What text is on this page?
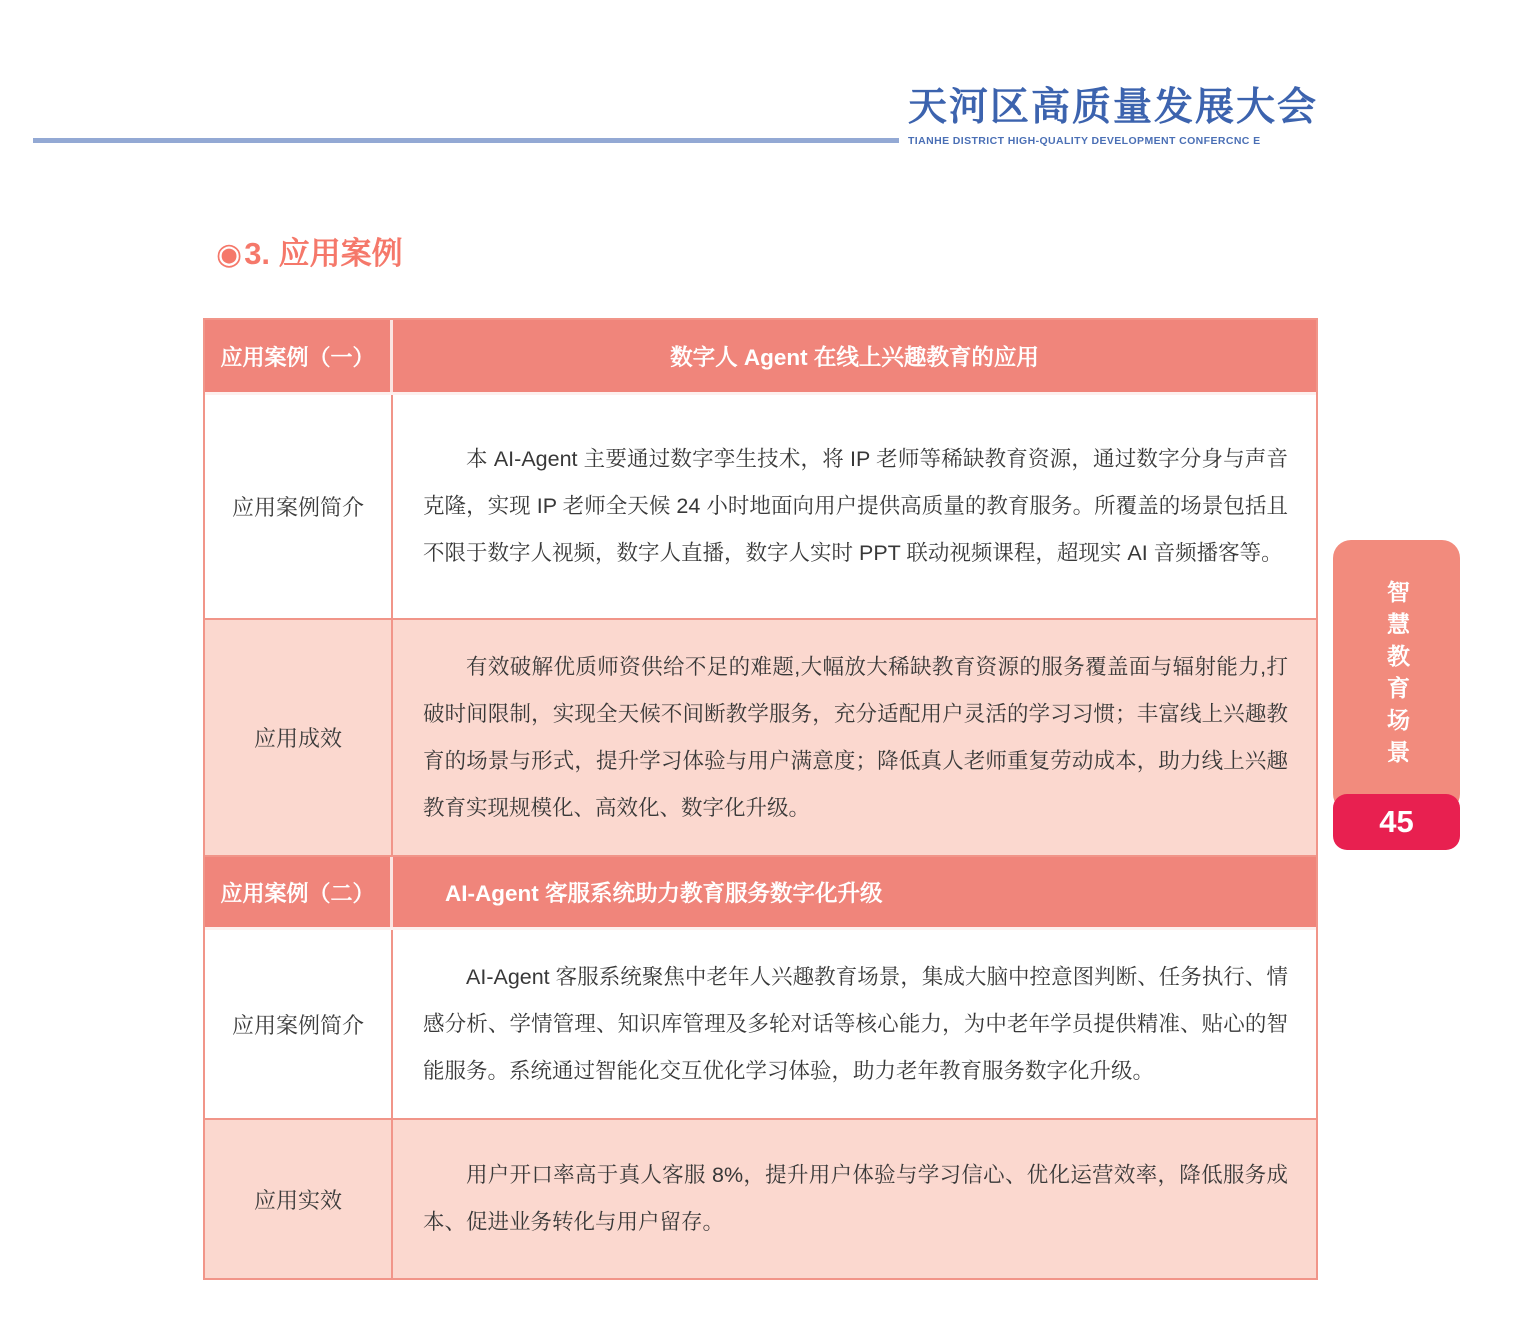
天河区高质量发展大会
TIANHE DISTRICT HIGH-QUALITY DEVELOPMENT CONFERCNC E
◉3. 应用案例
应用案例（一）	数字人 Agent 在线上兴趣教育的应用
应用案例简介

本 AI-Agent 主要通过数字孪生技术，将 IP 老师等稀缺教育资源，通过数字分身与声音克隆，实现 IP 老师全天候 24 小时地面向用户提供高质量的教育服务。所覆盖的场景包括且不限于数字人视频，数字人直播，数字人实时 PPT 联动视频课程，超现实 AI 音频播客等。

应用成效

有效破解优质师资供给不足的难题,大幅放大稀缺教育资源的服务覆盖面与辐射能力,打破时间限制，实现全天候不间断教学服务，充分适配用户灵活的学习习惯；丰富线上兴趣教育的场景与形式，提升学习体验与用户满意度；降低真人老师重复劳动成本，助力线上兴趣教育实现规模化、高效化、数字化升级。

应用案例（二）	AI-Agent 客服系统助力教育服务数字化升级
应用案例简介

AI-Agent 客服系统聚焦中老年人兴趣教育场景，集成大脑中控意图判断、任务执行、情感分析、学情管理、知识库管理及多轮对话等核心能力，为中老年学员提供精准、贴心的智能服务。系统通过智能化交互优化学习体验，助力老年教育服务数字化升级。

应用实效

用户开口率高于真人客服 8%，提升用户体验与学习信心、优化运营效率，降低服务成本、促进业务转化与用户留存。

智慧教育场景
45
